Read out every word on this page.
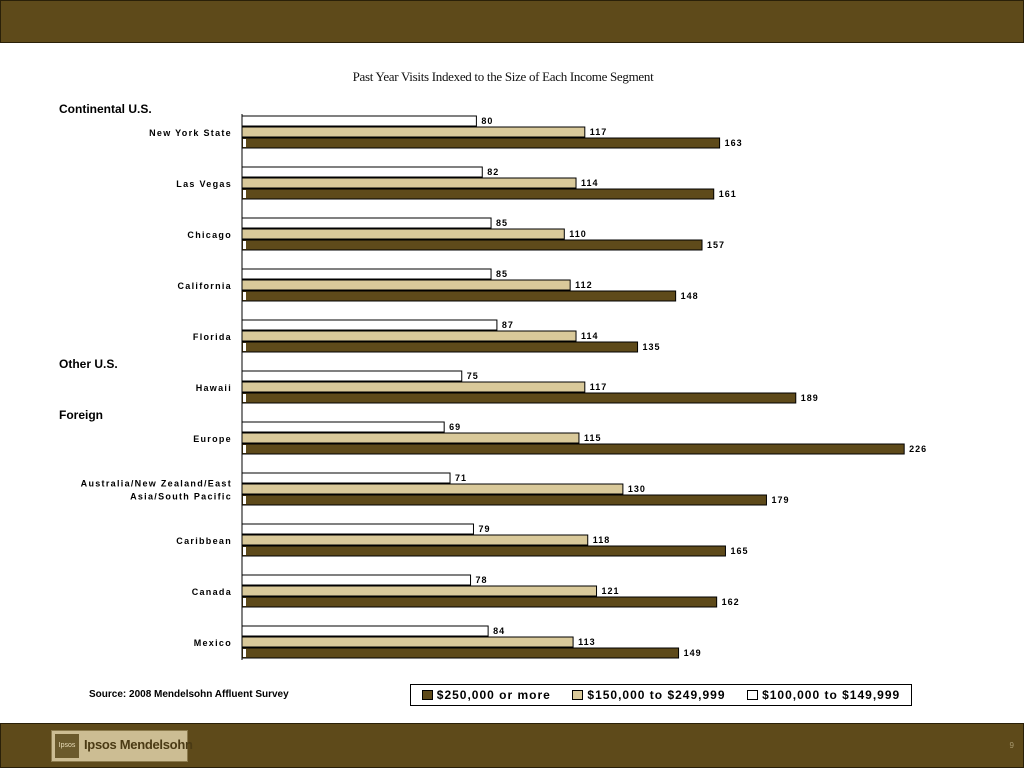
Past Year Visits Indexed to the Size of Each Income Segment
Continental U.S.
New York State
80
117
163
Las Vegas
82
114
161
Chicago
85
110
157
California
85
112
148
Florida
87
114
135
Other U.S.
Hawaii
75
117
189
Foreign
Europe
69
115
226
Australia/New Zealand/East
Asia/South Pacific
71
130
179
Caribbean
79
118
165
Canada
78
121
162
Mexico
84
113
149
Source: 2008 Mendelsohn Affluent Survey	$250,000 or more	$150,000 to $249,999	$100,000 to $149,999
Ipsos Ipsos Mendelsohn	9
